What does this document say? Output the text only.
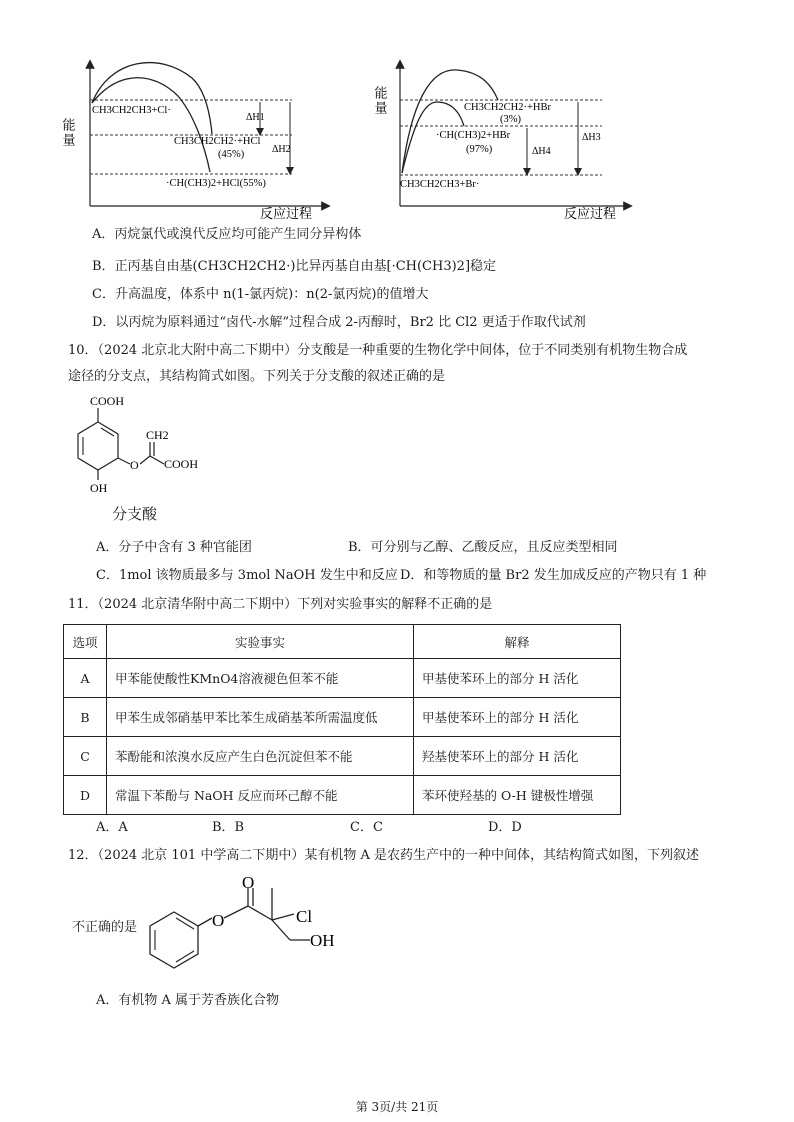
能量
ΔH1
ΔH2
CH3CH2CH3+Cl·
CH3CH2CH2·+HCl
(45%)
·CH(CH3)2+HCl(55%)
反应过程
能量
ΔH3
ΔH4
CH3CH2CH2·+HBr
(3%)
·CH(CH3)2+HBr
(97%)
CH3CH2CH3+Br·
反应过程
A．丙烷氯代或溴代反应均可能产生同分异构体
B．正丙基自由基(CH3CH2CH2·)比异丙基自由基[·CH(CH3)2]稳定
C．升高温度，体系中 n(1-氯丙烷)：n(2-氯丙烷)的值增大
D．以丙烷为原料通过“卤代-水解”过程合成 2-丙醇时，Br2 比 Cl2 更适于作取代试剂
10．（2024 北京北大附中高二下期中）分支酸是一种重要的生物化学中间体，位于不同类别有机物生物合成
途径的分支点，其结构简式如图。下列关于分支酸的叙述正确的是
COOH
O
CH2
COOH
OH
分支酸
A．分子中含有 3 种官能团	B．可分别与乙醇、乙酸反应，且反应类型相同
C．1mol 该物质最多与 3mol NaOH 发生中和反应 D．和等物质的量 Br2 发生加成反应的产物只有 1 种
11．（2024 北京清华附中高二下期中）下列对实验事实的解释不正确的是
选项	实验事实	解释
A	甲苯能使酸性KMnO4溶液褪色但苯不能	甲基使苯环上的部分 H 活化
B	甲苯生成邻硝基甲苯比苯生成硝基苯所需温度低	甲基使苯环上的部分 H 活化
C	苯酚能和浓溴水反应产生白色沉淀但苯不能	羟基使苯环上的部分 H 活化
D	常温下苯酚与 NaOH 反应而环己醇不能	苯环使羟基的 O-H 键极性增强
A．A	B．B	C．C	D．D
12．（2024 北京 101 中学高二下期中）某有机物 A 是农药生产中的一种中间体，其结构简式如图，下列叙述
不正确的是
O
O	Cl
OH
A．有机物 A 属于芳香族化合物
第 3页/共 21页
